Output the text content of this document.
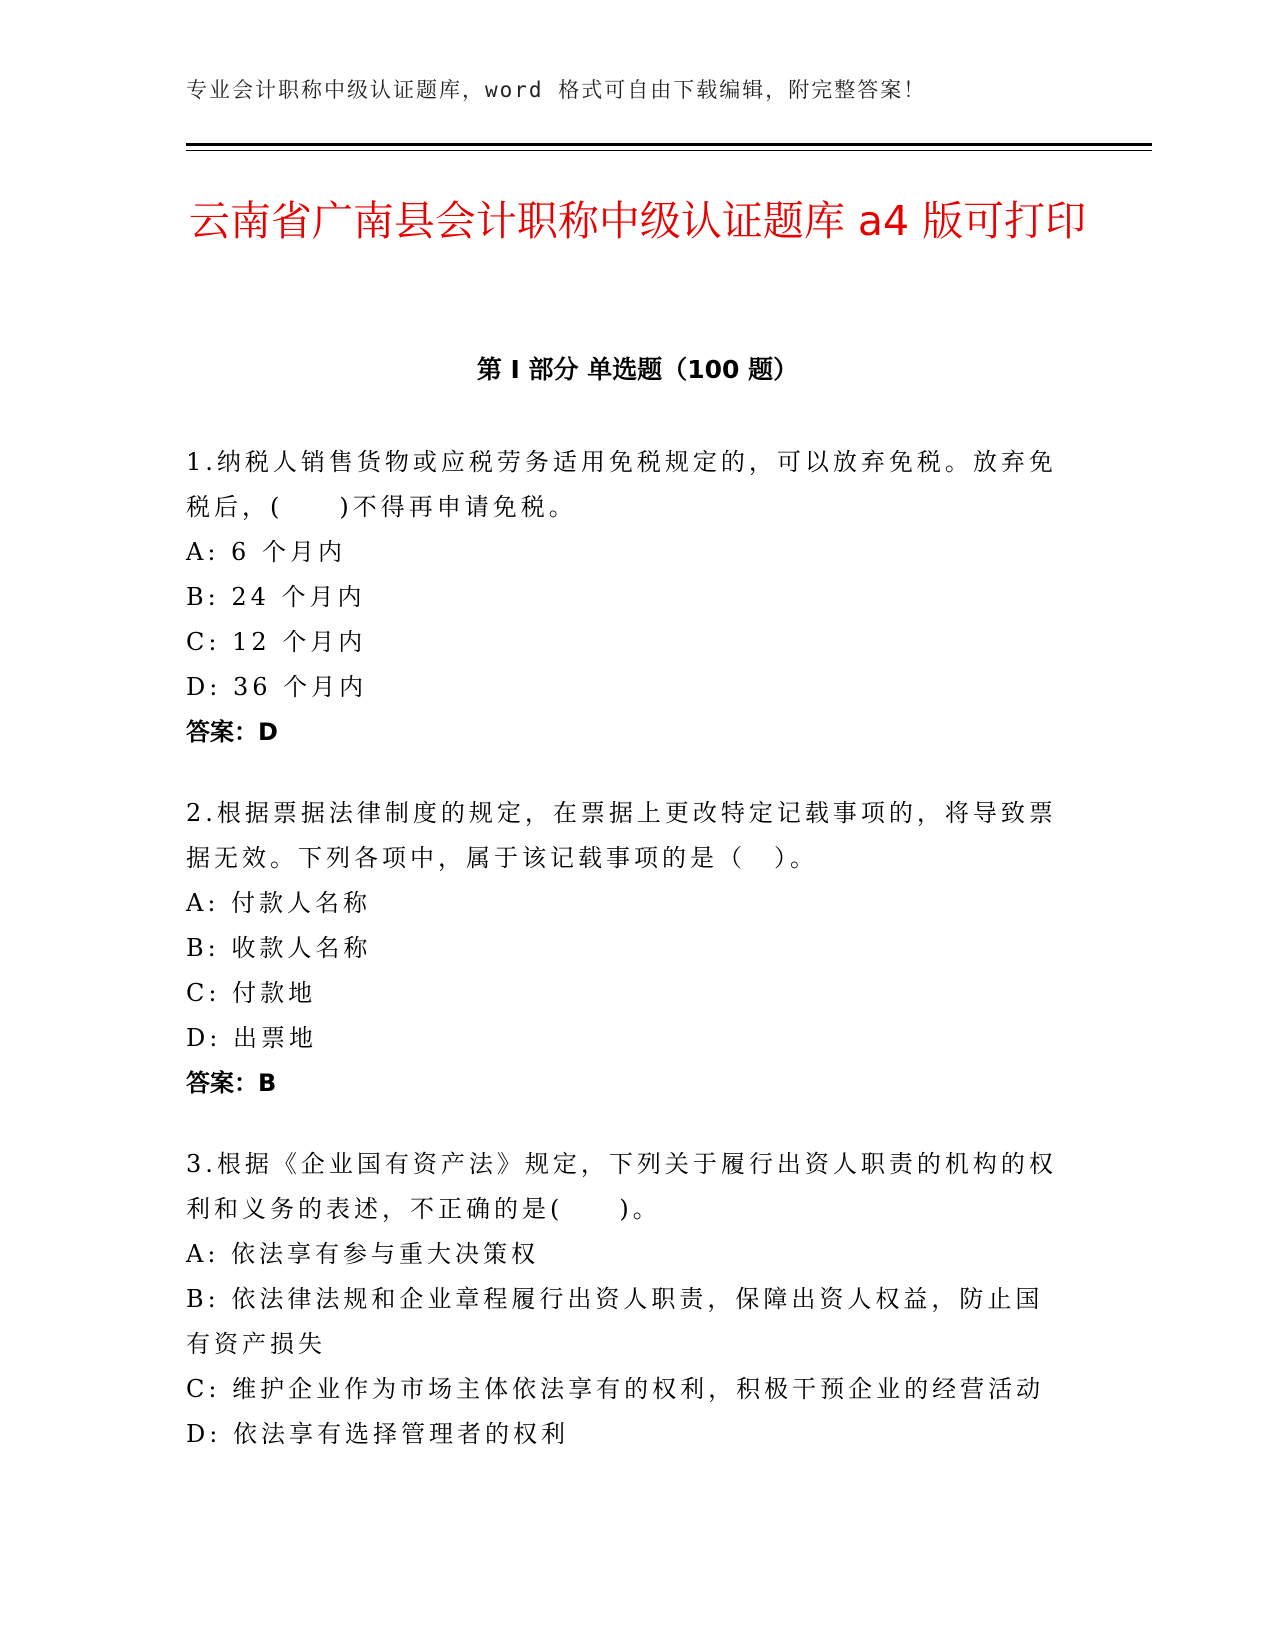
专业会计职称中级认证题库，word 格式可自由下载编辑，附完整答案！
云南省广南县会计职称中级认证题库 a4 版可打印
第 I 部分 单选题（100 题）
1.纳税人销售货物或应税劳务适用免税规定的，可以放弃免税。放弃免税后，(　　)不得再申请免税。
A: 6 个月内
B: 24 个月内
C: 12 个月内
D: 36 个月内
答案：D
2.根据票据法律制度的规定，在票据上更改特定记载事项的，将导致票据无效。下列各项中，属于该记载事项的是（　）。
A: 付款人名称
B: 收款人名称
C: 付款地
D: 出票地
答案：B
3.根据《企业国有资产法》规定，下列关于履行出资人职责的机构的权利和义务的表述，不正确的是(　　)。
A: 依法享有参与重大决策权
B: 依法律法规和企业章程履行出资人职责，保障出资人权益，防止国有资产损失
C: 维护企业作为市场主体依法享有的权利，积极干预企业的经营活动
D: 依法享有选择管理者的权利
